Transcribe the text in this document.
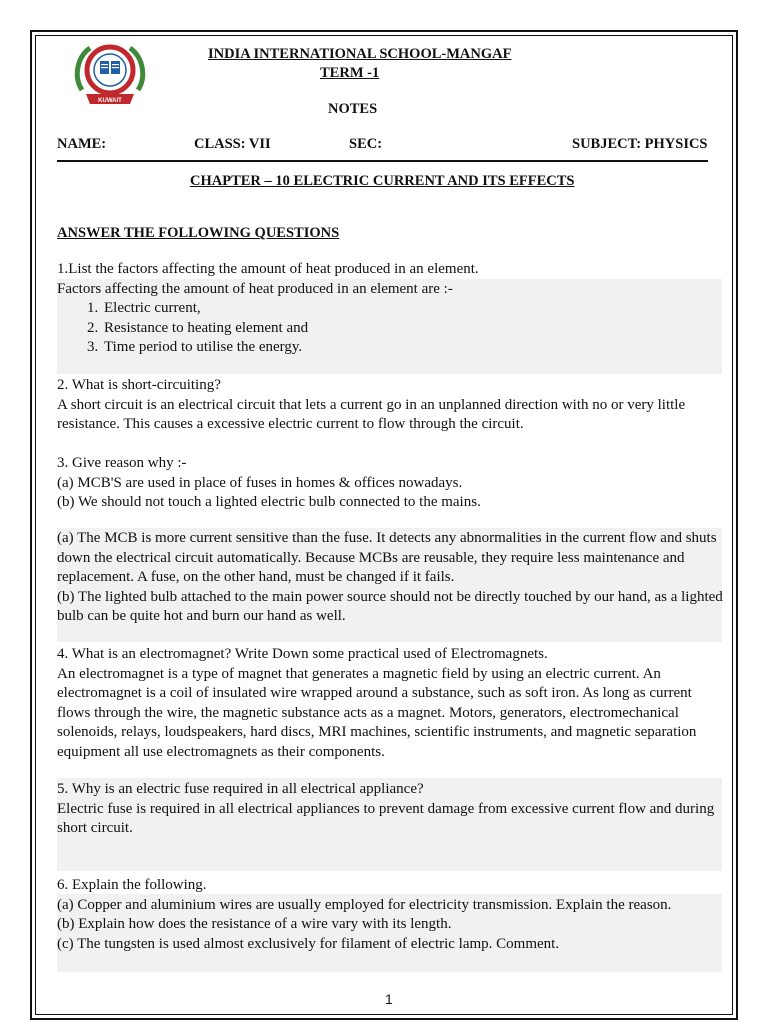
KUWAIT
INDIA INTERNATIONAL SCHOOL-MANGAF
TERM -1
NOTES
NAME:	CLASS: VII	SEC:	SUBJECT: PHYSICS
CHAPTER – 10 ELECTRIC CURRENT AND ITS EFFECTS
ANSWER THE FOLLOWING QUESTIONS

1.List the factors affecting the amount of heat produced in an element.

Factors affecting the amount of heat produced in an element are :-

1. Electric current,
2. Resistance to heating element and
3. Time period to utilise the energy.

2. What is short-circuiting?

A short circuit is an electrical circuit that lets a current go in an unplanned direction with no or very little resistance. This causes a excessive electric current to flow through the circuit.

3. Give reason why :-

(a) MCB'S are used in place of fuses in homes & offices nowadays.

(b) We should not touch a lighted electric bulb connected to the mains.

(a) The MCB is more current sensitive than the fuse. It detects any abnormalities in the current flow and shuts down the electrical circuit automatically. Because MCBs are reusable, they require less maintenance and replacement. A fuse, on the other hand, must be changed if it fails.

(b) The lighted bulb attached to the main power source should not be directly touched by our hand, as a lighted bulb can be quite hot and burn our hand as well.

4. What is an electromagnet? Write Down some practical used of Electromagnets.

An electromagnet is a type of magnet that generates a magnetic field by using an electric current. An electromagnet is a coil of insulated wire wrapped around a substance, such as soft iron. As long as current flows through the wire, the magnetic substance acts as a magnet. Motors, generators, electromechanical solenoids, relays, loudspeakers, hard discs, MRI machines, scientific instruments, and magnetic separation equipment all use electromagnets as their components.

5. Why is an electric fuse required in all electrical appliance?

Electric fuse is required in all electrical appliances to prevent damage from excessive current flow and during short circuit.

6. Explain the following.

(a) Copper and aluminium wires are usually employed for electricity transmission. Explain the reason.

(b) Explain how does the resistance of a wire vary with its length.

(c) The tungsten is used almost exclusively for filament of electric lamp. Comment.

1
